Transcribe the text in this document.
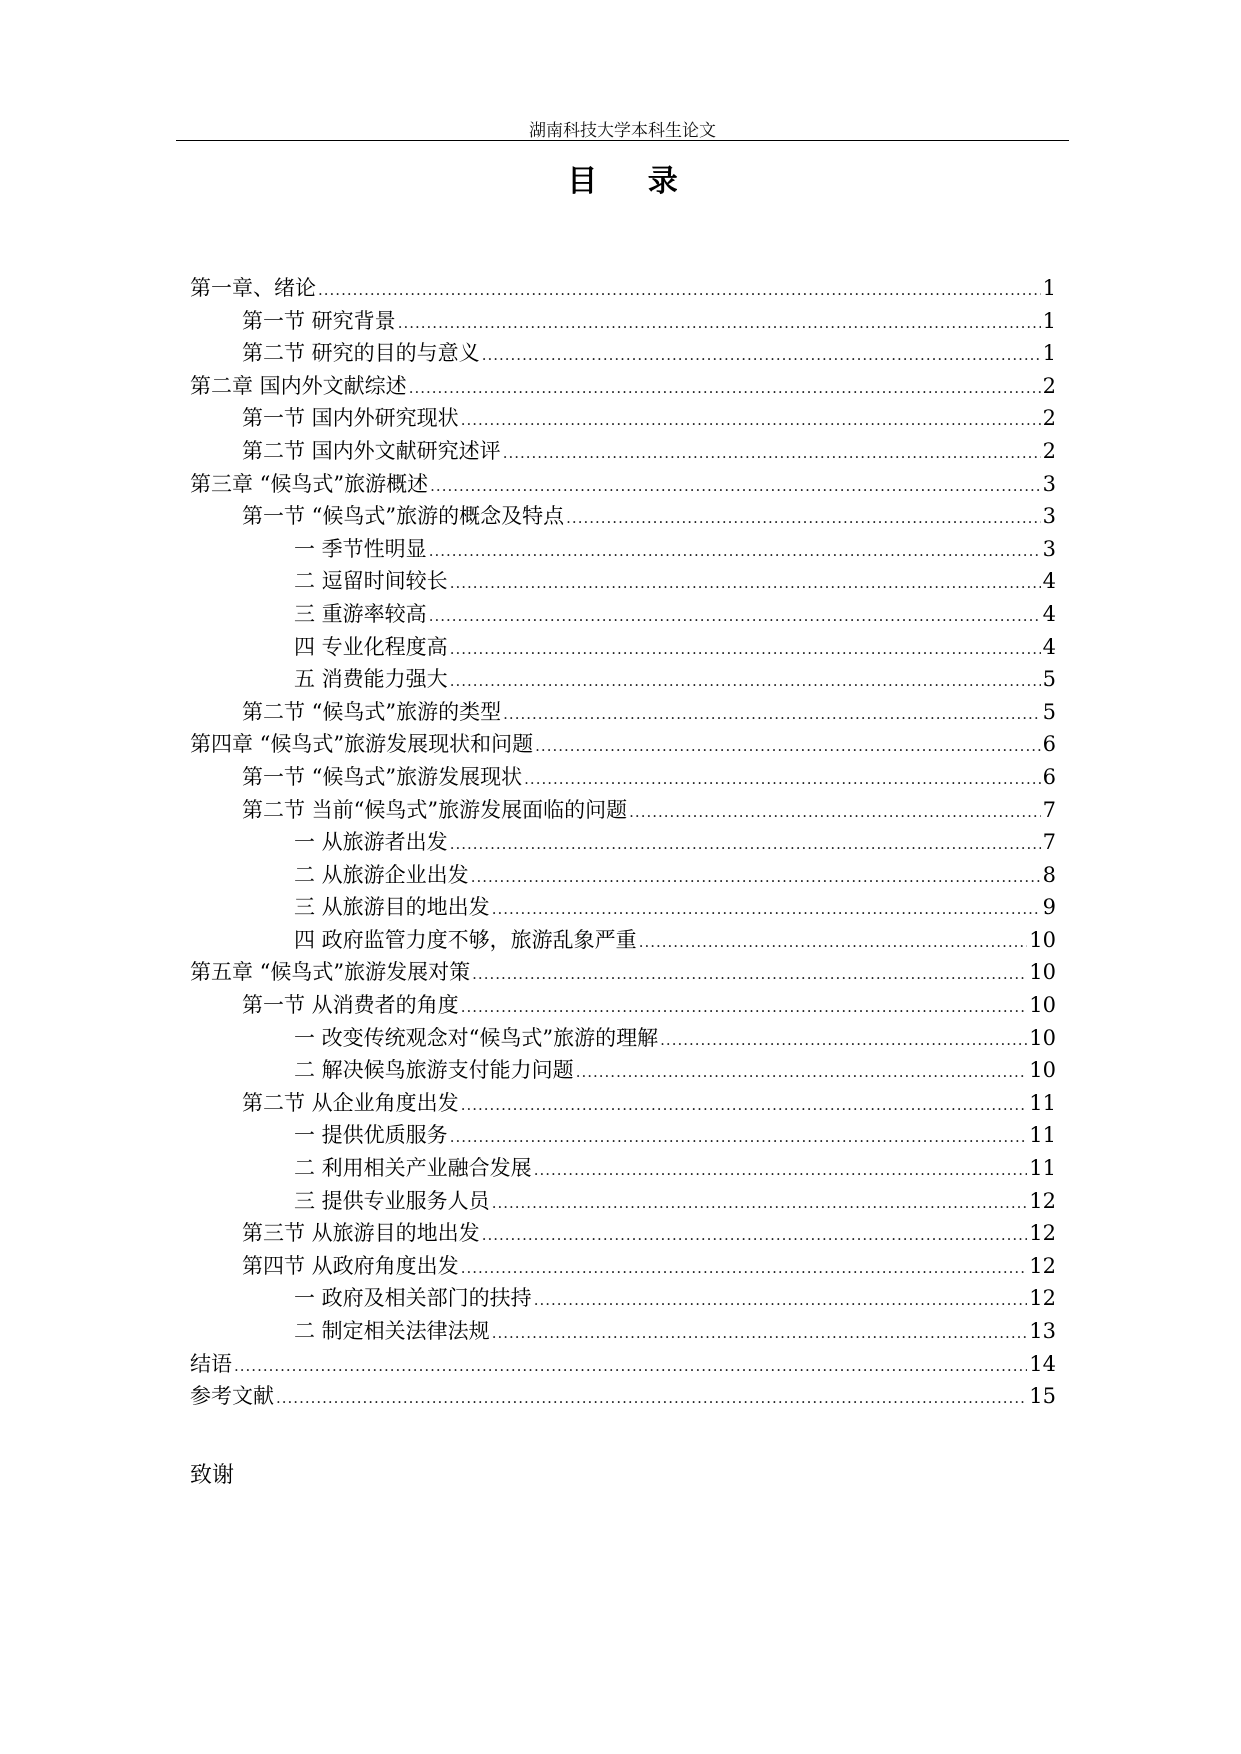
湖南科技大学本科生论文
目 录
第一章、绪论 .....	1
第一节 研究背景 .....	1
第二节 研究的目的与意义 .....	1
第二章 国内外文献综述 .....	2
第一节 国内外研究现状 .....	2
第二节 国内外文献研究述评 .....	2
第三章 “候鸟式”旅游概述 .....	3
第一节 “候鸟式”旅游的概念及特点 .....	3
一 季节性明显 .....	3
二 逗留时间较长 .....	4
三 重游率较高 .....	4
四 专业化程度高 .....	4
五 消费能力强大 .....	5
第二节 “候鸟式”旅游的类型 .....	5
第四章 “候鸟式”旅游发展现状和问题 .....	6
第一节 “候鸟式”旅游发展现状 .....	6
第二节 当前“候鸟式”旅游发展面临的问题 .....	7
一 从旅游者出发 .....	7
二 从旅游企业出发 .....	8
三 从旅游目的地出发 .....	9
四 政府监管力度不够，旅游乱象严重 .....	10
第五章 “候鸟式”旅游发展对策 .....	10
第一节 从消费者的角度 .....	10
一 改变传统观念对“候鸟式”旅游的理解 .....	10
二 解决候鸟旅游支付能力问题 .....	10
第二节 从企业角度出发 .....	11
一 提供优质服务 .....	11
二 利用相关产业融合发展 .....	11
三 提供专业服务人员 .....	12
第三节 从旅游目的地出发 .....	12
第四节 从政府角度出发 .....	12
一 政府及相关部门的扶持 .....	12
二 制定相关法律法规 .....	13
结语 .....	14
参考文献 .....	15
致谢
